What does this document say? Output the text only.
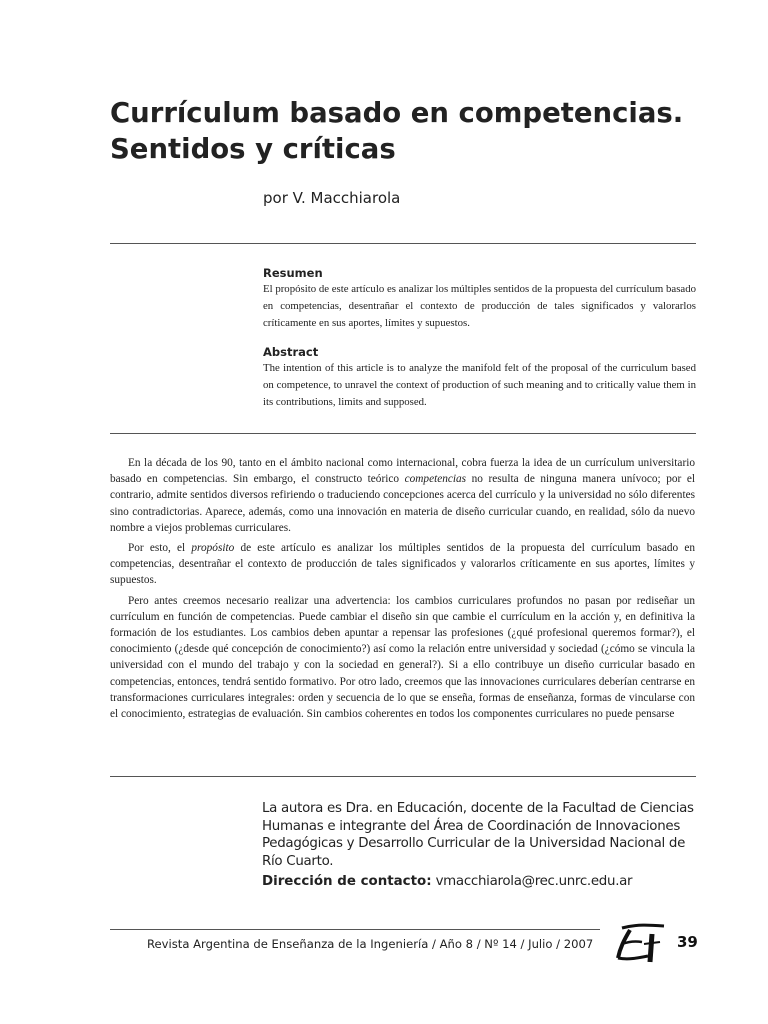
Currículum basado en competencias.
Sentidos y críticas
por V. Macchiarola
Resumen
El propósito de este artículo es analizar los múltiples sentidos de la propuesta del currículum basado en competencias, desentrañar el contexto de producción de tales significados y valorarlos críticamente en sus aportes, límites y supuestos.
Abstract
The intention of this article is to analyze the manifold felt of the proposal of the curriculum based on competence, to unravel the context of production of such meaning and to critically value them in its contributions, limits and supposed.

En la década de los 90, tanto en el ámbito nacional como internacional, cobra fuerza la idea de un currículum universitario basado en competencias. Sin embargo, el constructo teórico competencias no resulta de ninguna manera unívoco; por el contrario, admite sentidos diversos refiriendo o traduciendo concepciones acerca del currículo y la universidad no sólo diferentes sino contradictorias. Aparece, además, como una innovación en materia de diseño curricular cuando, en realidad, sólo da nuevo nombre a viejos problemas curriculares.

Por esto, el propósito de este artículo es analizar los múltiples sentidos de la propuesta del currículum basado en competencias, desentrañar el contexto de producción de tales significados y valorarlos críticamente en sus aportes, límites y supuestos.

Pero antes creemos necesario realizar una advertencia: los cambios curriculares profundos no pasan por rediseñar un currículum en función de competencias. Puede cambiar el diseño sin que cambie el currículum en la acción y, en definitiva la formación de los estudiantes. Los cambios deben apuntar a repensar las profesiones (¿qué profesional queremos formar?), el conocimiento (¿desde qué concepción de conocimiento?) así como la relación entre universidad y sociedad (¿cómo se vincula la universidad con el mundo del trabajo y con la sociedad en general?). Si a ello contribuye un diseño curricular basado en competencias, entonces, tendrá sentido formativo. Por otro lado, creemos que las innovaciones curriculares deberían centrarse en transformaciones curriculares integrales: orden y secuencia de lo que se enseña, formas de enseñanza, formas de vincularse con el conocimiento, estrategias de evaluación. Sin cambios coherentes en todos los componentes curriculares no puede pensarse

La autora es Dra. en Educación, docente de la Facultad de Ciencias Humanas e integrante del Área de Coordinación de Innovaciones Pedagógicas y Desarrollo Curricular de la Universidad Nacional de Río Cuarto.
Dirección de contacto: vmacchiarola@rec.unrc.edu.ar
Revista Argentina de Enseñanza de la Ingeniería / Año 8 / Nº 14 / Julio / 2007	39
